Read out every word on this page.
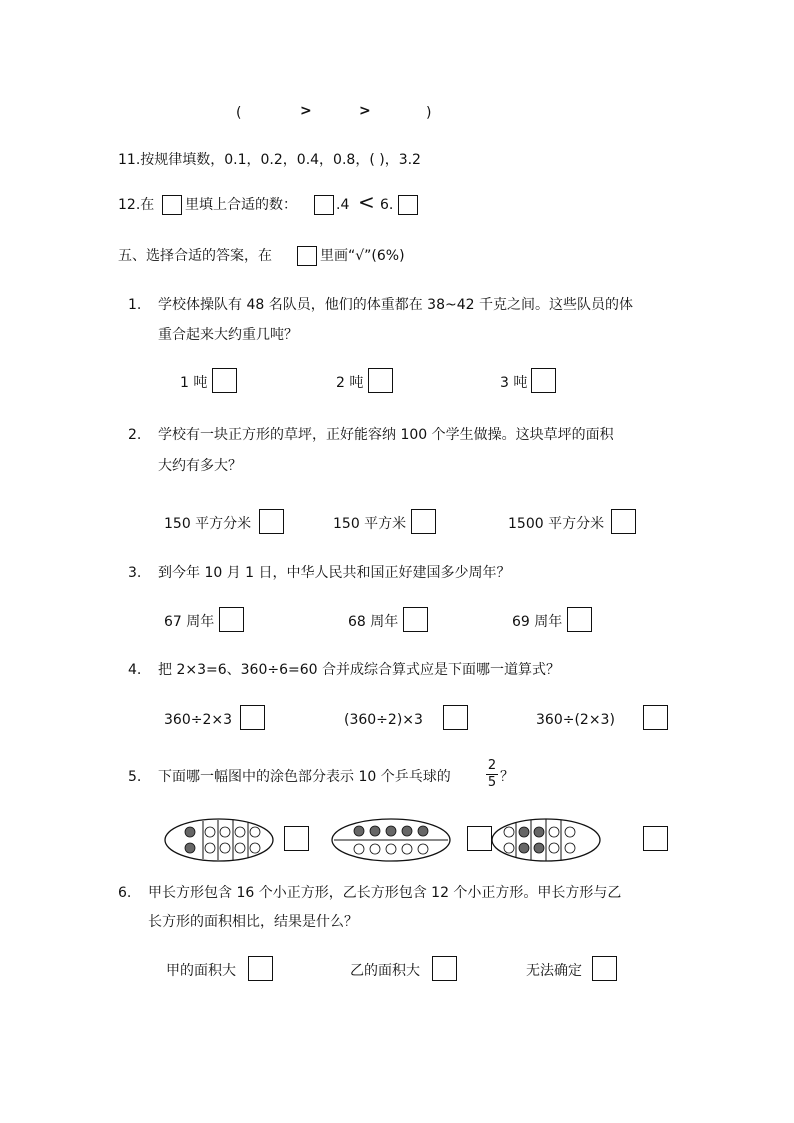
(	>	>	)
11.按规律填数，0.1，0.2，0.4，0.8，( )，3.2
12.在 里填上合适的数：	.4 < 6.
五、选择合适的答案，在	里画“√”(6%)
1. 学校体操队有 48 名队员，他们的体重都在 38~42 千克之间。这些队员的体
重合起来大约重几吨？
1 吨	2 吨	3 吨
2. 学校有一块正方形的草坪，正好能容纳 100 个学生做操。这块草坪的面积
大约有多大？
150 平方分米	150 平方米	1500 平方分米
3. 到今年 10 月 1 日，中华人民共和国正好建国多少周年？
67 周年	68 周年	69 周年
4. 把 2×3=6、360÷6=60 合并成综合算式应是下面哪一道算式？
360÷2×3	(360÷2)×3	360÷(2×3)
5. 下面哪一幅图中的涂色部分表示 10 个乒乓球的
2
5 ？
6. 甲长方形包含 16 个小正方形，乙长方形包含 12 个小正方形。甲长方形与乙
长方形的面积相比，结果是什么？
甲的面积大	乙的面积大	无法确定
